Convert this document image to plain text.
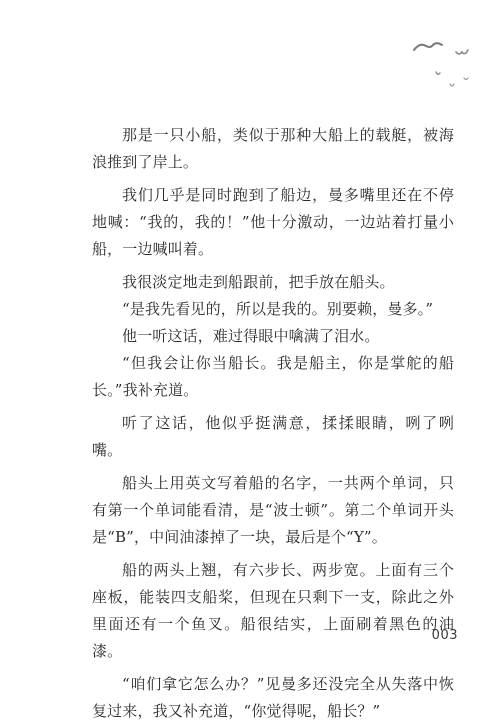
那是一只小船，类似于那种大船上的载艇，被海浪推到了岸上。

我们几乎是同时跑到了船边，曼多嘴里还在不停地喊：“我的，我的！”他十分激动，一边站着打量小船，一边喊叫着。

我很淡定地走到船跟前，把手放在船头。

“是我先看见的，所以是我的。别要赖，曼多。”

他一听这话，难过得眼中噙满了泪水。

“但我会让你当船长。我是船主，你是掌舵的船长。”我补充道。

听了这话，他似乎挺满意，揉揉眼睛，咧了咧嘴。

船头上用英文写着船的名字，一共两个单词，只有第一个单词能看清，是“波士顿”。第二个单词开头是“B”，中间油漆掉了一块，最后是个“Y”。

船的两头上翘，有六步长、两步宽。上面有三个座板，能装四支船桨，但现在只剩下一支，除此之外里面还有一个鱼叉。船很结实，上面刷着黑色的油漆。

“咱们拿它怎么办？”见曼多还没完全从失落中恢复过来，我又补充道，“你觉得呢，船长？”

003
